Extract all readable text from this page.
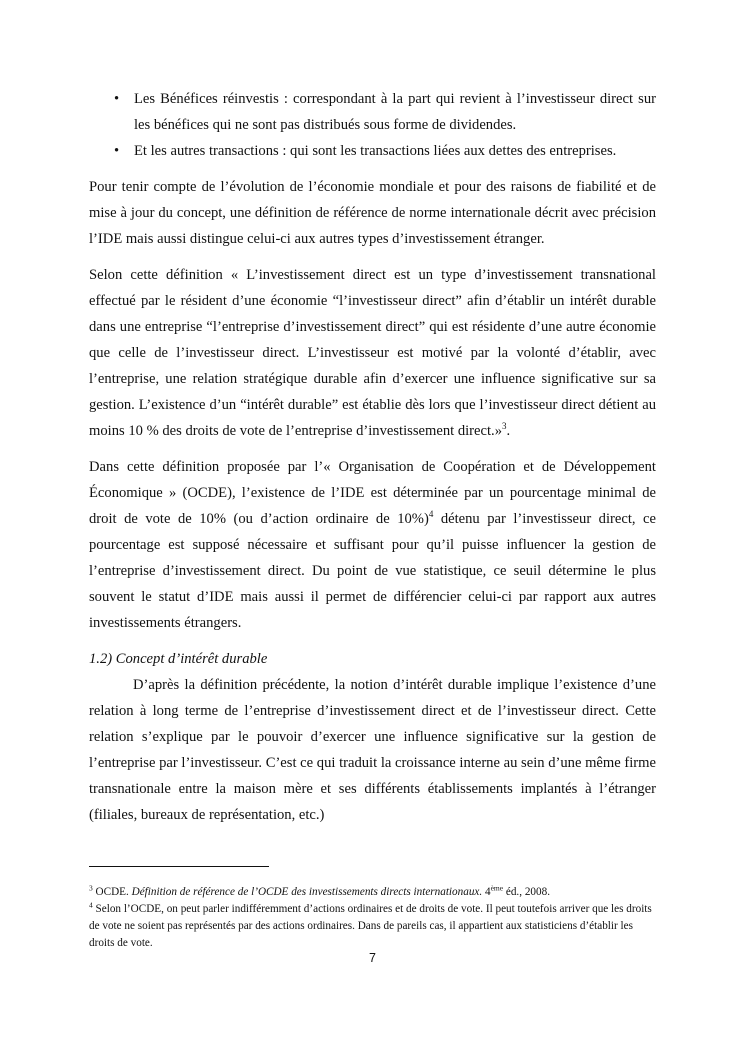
• Les Bénéfices réinvestis : correspondant à la part qui revient à l’investisseur direct sur les bénéfices qui ne sont pas distribués sous forme de dividendes.
• Et les autres transactions : qui sont les transactions liées aux dettes des entreprises.

Pour tenir compte de l’évolution de l’économie mondiale et pour des raisons de fiabilité et de mise à jour du concept, une définition de référence de norme internationale décrit avec précision l’IDE mais aussi distingue celui-ci aux autres types d’investissement étranger.

Selon cette définition « L’investissement direct est un type d’investissement transnational effectué par le résident d’une économie “l’investisseur direct” afin d’établir un intérêt durable dans une entreprise “l’entreprise d’investissement direct” qui est résidente d’une autre économie que celle de l’investisseur direct. L’investisseur est motivé par la volonté d’établir, avec l’entreprise, une relation stratégique durable afin d’exercer une influence significative sur sa gestion. L’existence d’un “intérêt durable” est établie dès lors que l’investisseur direct détient au moins 10 % des droits de vote de l’entreprise d’investissement direct.»$^3$.

Dans cette définition proposée par l’« Organisation de Coopération et de Développement Économique » (OCDE), l’existence de l’IDE est déterminée par un pourcentage minimal de droit de vote de 10% (ou d’action ordinaire de 10%)$^4$ détenu par l’investisseur direct, ce pourcentage est supposé nécessaire et suffisant pour qu’il puisse influencer la gestion de l’entreprise d’investissement direct. Du point de vue statistique, ce seuil détermine le plus souvent le statut d’IDE mais aussi il permet de différencier celui-ci par rapport aux autres investissements étrangers.

1.2) Concept d’intérêt durable

D’après la définition précédente, la notion d’intérêt durable implique l’existence d’une relation à long terme de l’entreprise d’investissement direct et de l’investisseur direct. Cette relation s’explique par le pouvoir d’exercer une influence significative sur la gestion de l’entreprise par l’investisseur. C’est ce qui traduit la croissance interne au sein d’une même firme transnationale entre la maison mère et ses différents établissements implantés à l’étranger (filiales, bureaux de représentation, etc.)

$^3$ OCDE. Définition de référence de l’OCDE des investissements directs internationaux. 4ème éd., 2008.
$^4$ Selon l’OCDE, on peut parler indifféremment d’actions ordinaires et de droits de vote. Il peut toutefois arriver que les droits de vote ne soient pas représentés par des actions ordinaires. Dans de pareils cas, il appartient aux statisticiens d’établir les droits de vote.
7
